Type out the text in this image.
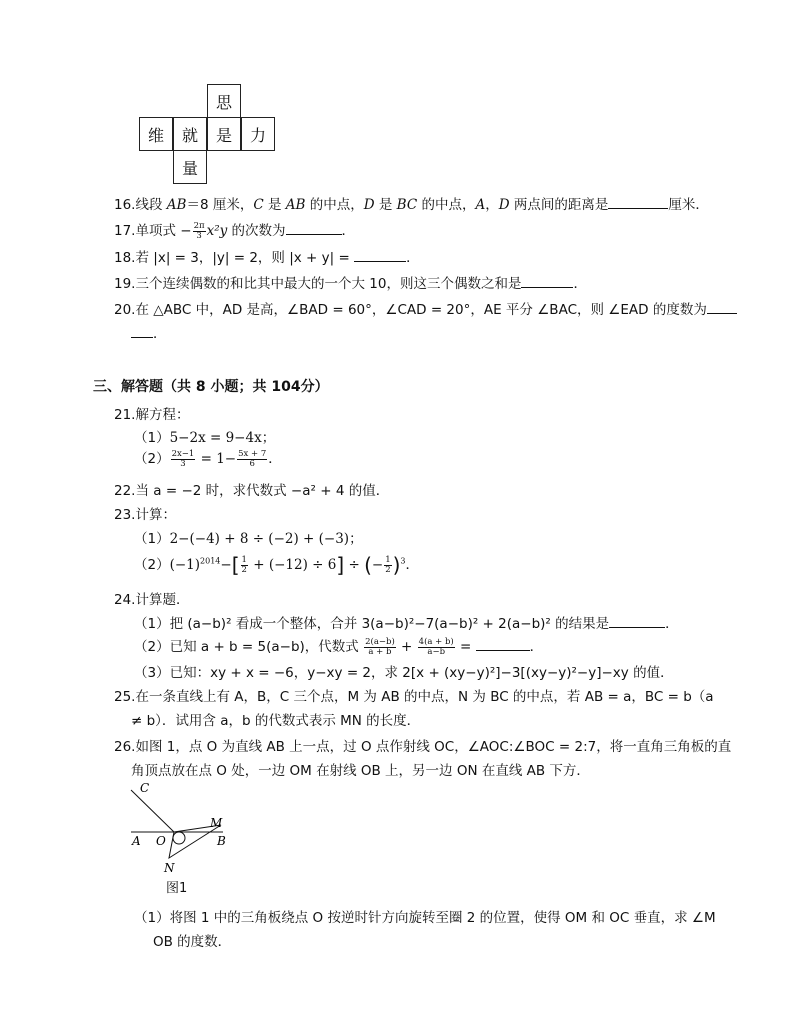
思
维	就	是	力
量
16.线段 AB＝8 厘米，C 是 AB 的中点，D 是 BC 的中点，A，D 两点间的距离是	厘米．
17.单项式 − $\frac{2\pi}{3} x^2y$ 的次数为	．
18.若 |x| = 3，|y| = 2，则 |x + y| =	．
19.三个连续偶数的和比其中最大的一个大 10，则这三个偶数之和是	．
20.在 △ABC 中，AD 是高，∠BAD = 60°，∠CAD = 20°，AE 平分 ∠BAC，则 ∠EAD 的度数为
．
三、解答题（共 8 小题；共 104分）
21.解方程：
（1）5−2x = 9−4x；
$(2) \frac{2x-1}{3} = 1- \frac{5x + 7}{6}$ ．
22.当 a = −2 时，求代数式 −a² + 4 的值．
23.计算：
（1）2−(−4) + 8 ÷ (−2) + (−3)；
$(2)(-1)^{2014}-[ \frac{1}{2} + (-12) \div 6]$ ÷ (− $\frac{1}{2} )^3$．
24.计算题．
（1）把 (a−b)² 看成一个整体，合并 3(a−b)²−7(a−b)² + 2(a−b)² 的结果是	．
（2）已知 a + b = 5(a−b)，代数式 $\frac{2(a-b)}{a + b} + \frac{4(a + b)}{a-b}$ =	．
（3）已知：xy + x = −6，y−xy = 2，求 2[x + (xy−y)²]−3[(xy−y)²−y]−xy 的值．
25.在一条直线上有 A，B，C 三个点，M 为 AB 的中点，N 为 BC 的中点，若 AB = a，BC = b（a
≠ b）．试用含 a，b 的代数式表示 MN 的长度．
26.如图 1，点 O 为直线 AB 上一点，过 O 点作射线 OC，∠AOC:∠BOC = 2:7，将一直角三角板的直
角顶点放在点 O 处，一边 OM 在射线 OB 上，另一边 ON 在直线 AB 下方．
C
M
A O	B
N
图1
（1）将图 1 中的三角板绕点 O 按逆时针方向旋转至圈 2 的位置，使得 OM 和 OC 垂直，求 ∠M
OB 的度数．
